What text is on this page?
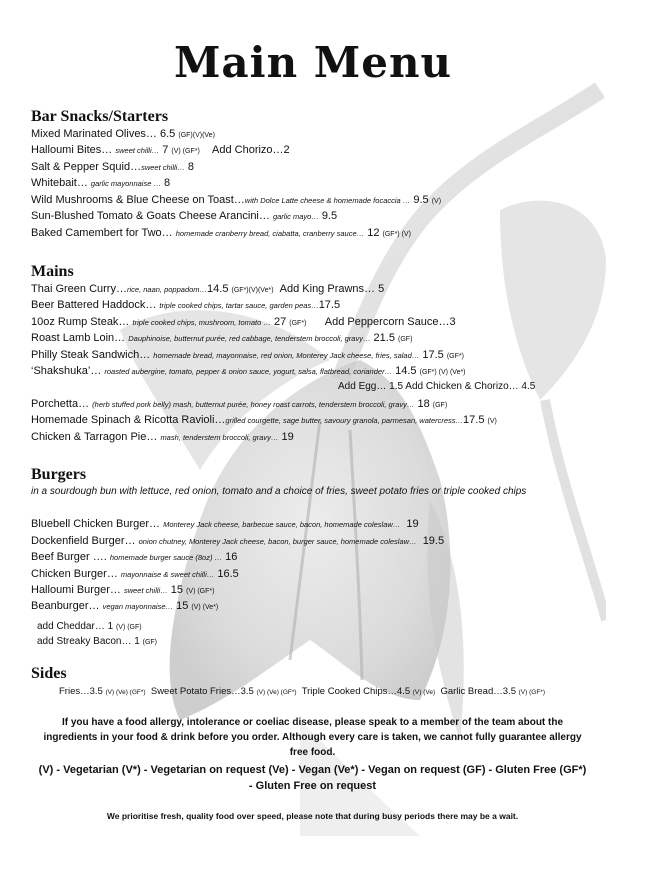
Main Menu
Bar Snacks/Starters
Mixed Marinated Olives… 6.5 (GF)(V)(Ve)
Halloumi Bites… sweet chilli… 7 (V) (GF*) Add Chorizo…2
Salt & Pepper Squid…sweet chilli… 8
Whitebait… garlic mayonnaise … 8
Wild Mushrooms & Blue Cheese on Toast…with Dolce Latte cheese & homemade focaccia … 9.5 (V)
Sun-Blushed Tomato & Goats Cheese Arancini… garlic mayo… 9.5
Baked Camembert for Two… homemade cranberry bread, ciabatta, cranberry sauce… 12 (GF*) (V)
Mains
Thai Green Curry…rice, naan, poppadom…14.5 (GF*)(V)(Ve*) Add King Prawns… 5
Beer Battered Haddock… triple cooked chips, tartar sauce, garden peas…17.5
10oz Rump Steak… triple cooked chips, mushroom, tomato … 27 (GF*) Add Peppercorn Sauce…3
Roast Lamb Loin… Dauphinoise, butternut purée, red cabbage, tenderstem broccoli, gravy… 21.5 (GF)
Philly Steak Sandwich… homemade bread, mayonnaise, red onion, Monterey Jack cheese, fries, salad… 17.5 (GF*)
‘Shakshuka’… roasted aubergine, tomato, pepper & onion sauce, yogurt, salsa, flatbread, coriander… 14.5 (GF*) (V) (Ve*)
Add Egg… 1.5 Add Chicken & Chorizo… 4.5
Porchetta… (herb stuffed pork belly) mash, butternut purée, honey roast carrots, tenderstem broccoli, gravy… 18 (GF)
Homemade Spinach & Ricotta Ravioli…grilled courgette, sage butter, savoury granola, parmesan, watercress…17.5 (V)
Chicken & Tarragon Pie… mash, tenderstem broccoli, gravy… 19
Burgers
in a sourdough bun with lettuce, red onion, tomato and a choice of fries, sweet potato fries or triple cooked chips
Bluebell Chicken Burger… Monterey Jack cheese, barbecue sauce, bacon, homemade coleslaw… 19
Dockenfield Burger… onion chutney, Monterey Jack cheese, bacon, burger sauce, homemade coleslaw… 19.5
Beef Burger …. homemade burger sauce (8oz) … 16
Chicken Burger… mayonnaise & sweet chilli… 16.5
Halloumi Burger… sweet chilli… 15 (V) (GF*)
Beanburger… vegan mayonnaise… 15 (V) (Ve*)
add Cheddar… 1 (V) (GF)
add Streaky Bacon… 1 (GF)
Sides
Fries…3.5 (V) (Ve) (GF*) Sweet Potato Fries…3.5 (V) (Ve) (GF*) Triple Cooked Chips…4.5 (V) (Ve) Garlic Bread…3.5 (V) (GF*)
If you have a food allergy, intolerance or coeliac disease, please speak to a member of the team about the
ingredients in your food & drink before you order. Although every care is taken, we cannot fully guarantee allergy
free food.
(V) - Vegetarian (V*) - Vegetarian on request (Ve) - Vegan (Ve*) - Vegan on request (GF) - Gluten Free (GF*)
- Gluten Free on request
We prioritise fresh, quality food over speed, please note that during busy periods there may be a wait.
